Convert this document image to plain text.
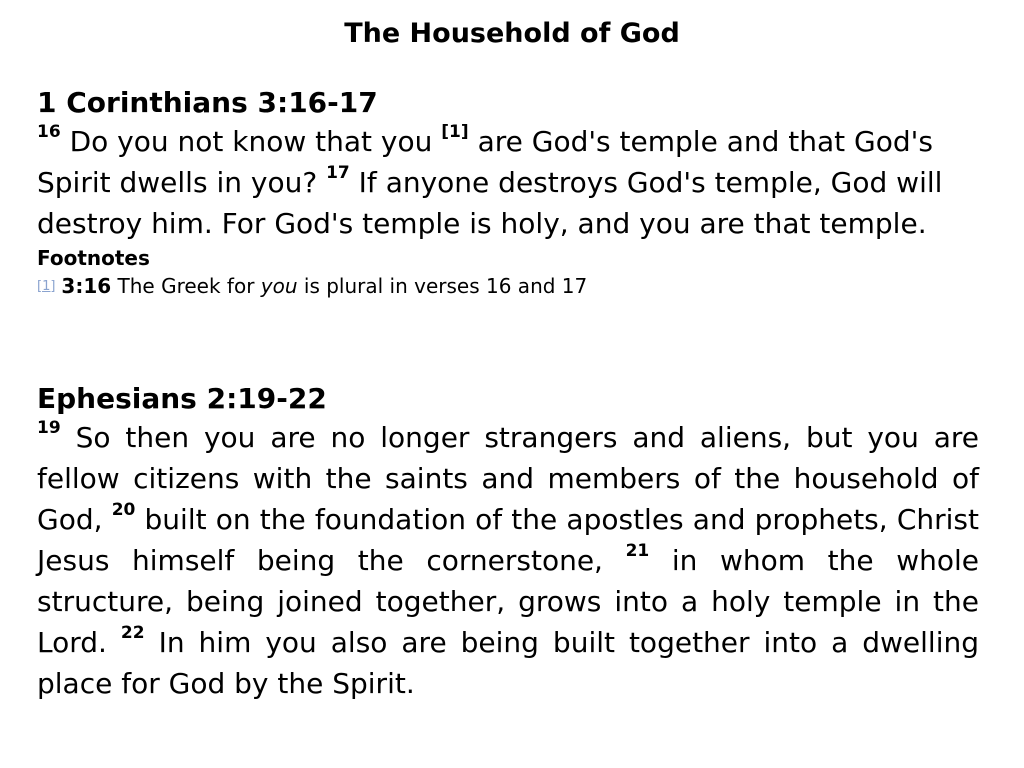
The Household of God
1 Corinthians 3:16-17

$^{16}$ Do you not know that you [1] are God's temple and that God's Spirit dwells in you? $^{17}$ If anyone destroys God's temple, God will destroy him. For God's temple is holy, and you are that temple.

Footnotes
[1] 3:16 The Greek for you is plural in verses 16 and 17
Ephesians 2:19-22

$^{19}$ So then you are no longer strangers and aliens, but you are fellow citizens with the saints and members of the household of God, $^{20}$ built on the foundation of the apostles and prophets, Christ Jesus himself being the cornerstone, $^{21}$ in whom the whole structure, being joined together, grows into a holy temple in the Lord. $^{22}$ In him you also are being built together into a dwelling place for God by the Spirit.
